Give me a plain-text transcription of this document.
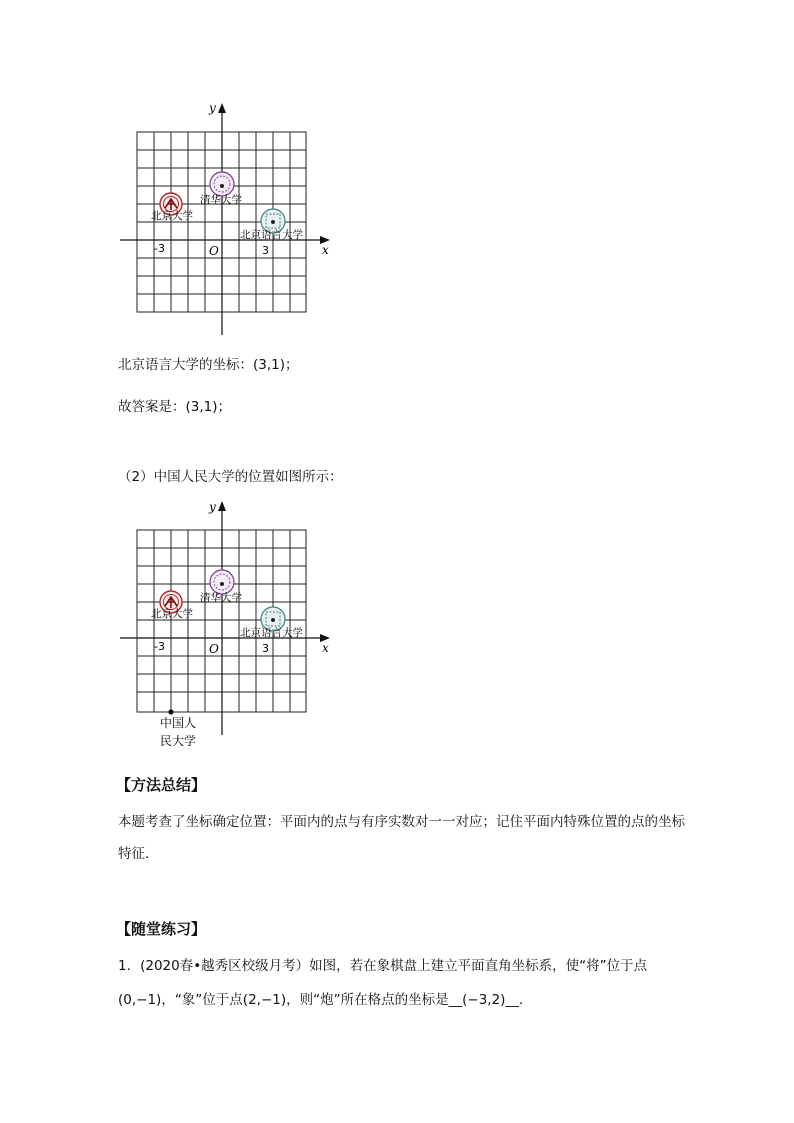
x
y
O
-3	3
北京大学
清华大学
北京语言大学
北京语言大学的坐标：(3,1)；
故答案是：(3,1)；
（2）中国人民大学的位置如图所示：
x
y
O
-3	3
北京大学
清华大学
北京语言大学
中国人
民大学
【方法总结】
本题考查了坐标确定位置：平面内的点与有序实数对一一对应；记住平面内特殊位置的点的坐标特征．
【随堂练习】
1．(2020春•越秀区校级月考）如图，若在象棋盘上建立平面直角坐标系，使“将”位于点
(0,−1)，“象”位于点(2,−1)，则“炮”所在格点的坐标是__(−3,2)__．
